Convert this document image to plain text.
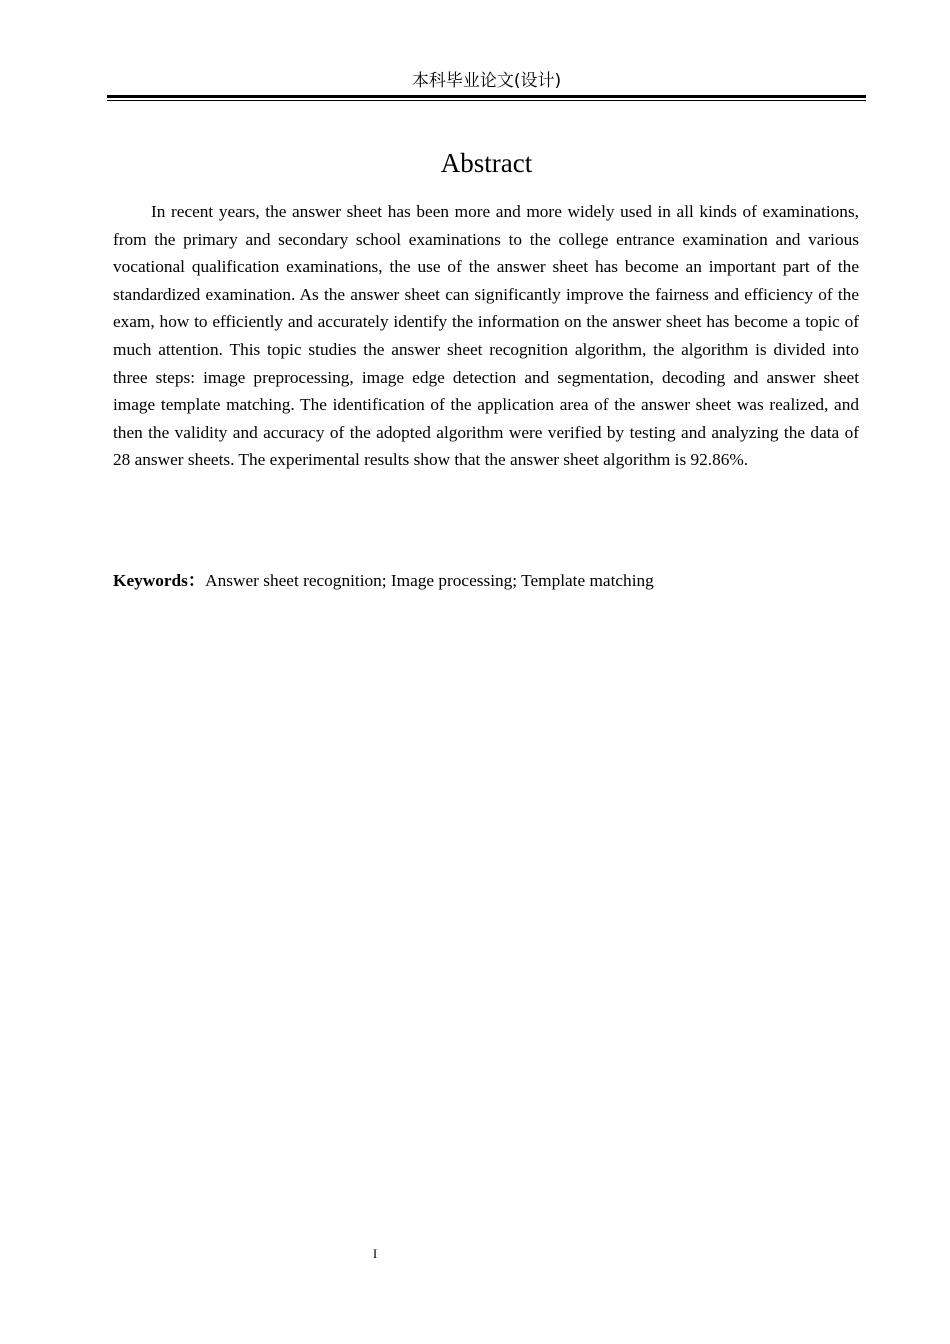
本科毕业论文(设计)
Abstract

In recent years, the answer sheet has been more and more widely used in all kinds of examinations, from the primary and secondary school examinations to the college entrance examination and various vocational qualification examinations, the use of the answer sheet has become an important part of the standardized examination. As the answer sheet can significantly improve the fairness and efficiency of the exam, how to efficiently and accurately identify the information on the answer sheet has become a topic of much attention. This topic studies the answer sheet recognition algorithm, the algorithm is divided into three steps: image preprocessing, image edge detection and segmentation, decoding and answer sheet image template matching. The identification of the application area of the answer sheet was realized, and then the validity and accuracy of the adopted algorithm were verified by testing and analyzing the data of 28 answer sheets. The experimental results show that the answer sheet algorithm is 92.86%.

Keywords：Answer sheet recognition; Image processing; Template matching

I
